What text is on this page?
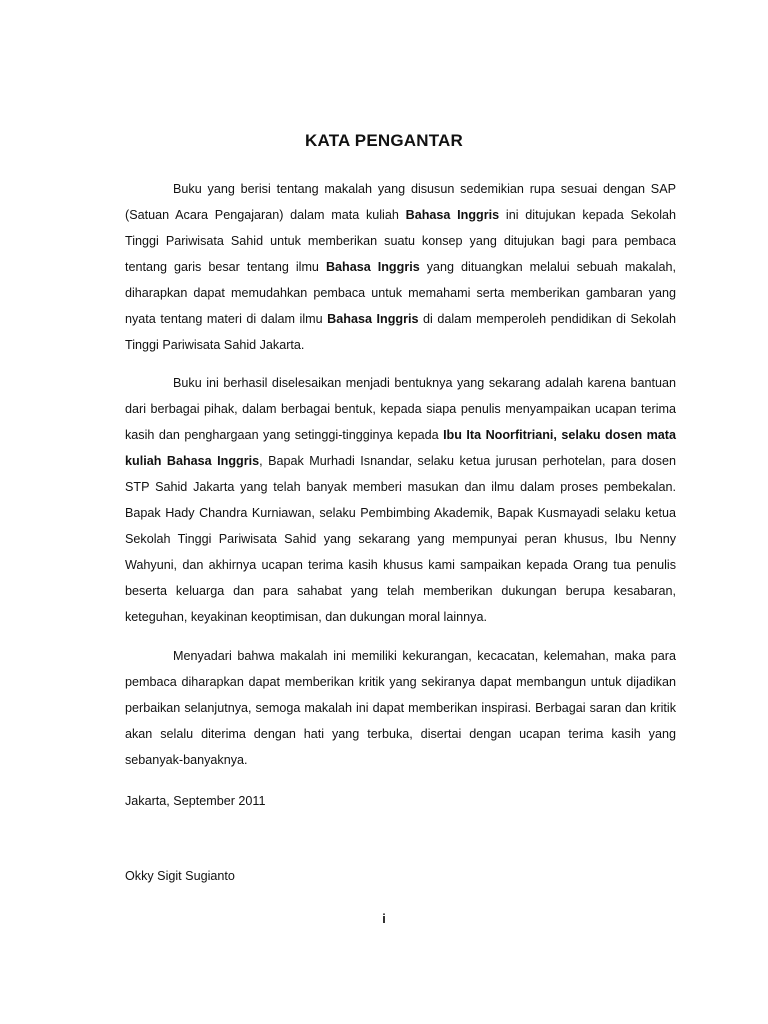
KATA PENGANTAR

Buku yang berisi tentang makalah yang disusun sedemikian rupa sesuai dengan SAP (Satuan Acara Pengajaran) dalam mata kuliah Bahasa Inggris ini ditujukan kepada Sekolah Tinggi Pariwisata Sahid untuk memberikan suatu konsep yang ditujukan bagi para pembaca tentang garis besar tentang ilmu Bahasa Inggris yang dituangkan melalui sebuah makalah, diharapkan dapat memudahkan pembaca untuk memahami serta memberikan gambaran yang nyata tentang materi di dalam ilmu Bahasa Inggris di dalam memperoleh pendidikan di Sekolah Tinggi Pariwisata Sahid Jakarta.

Buku ini berhasil diselesaikan menjadi bentuknya yang sekarang adalah karena bantuan dari berbagai pihak, dalam berbagai bentuk, kepada siapa penulis menyampaikan ucapan terima kasih dan penghargaan yang setinggi-tingginya kepada Ibu Ita Noorfitriani, selaku dosen mata kuliah Bahasa Inggris, Bapak Murhadi Isnandar, selaku ketua jurusan perhotelan, para dosen STP Sahid Jakarta yang telah banyak memberi masukan dan ilmu dalam proses pembekalan. Bapak Hady Chandra Kurniawan, selaku Pembimbing Akademik, Bapak Kusmayadi selaku ketua Sekolah Tinggi Pariwisata Sahid yang sekarang yang mempunyai peran khusus, Ibu Nenny Wahyuni, dan akhirnya ucapan terima kasih khusus kami sampaikan kepada Orang tua penulis beserta keluarga dan para sahabat yang telah memberikan dukungan berupa kesabaran, keteguhan, keyakinan keoptimisan, dan dukungan moral lainnya.

Menyadari bahwa makalah ini memiliki kekurangan, kecacatan, kelemahan, maka para pembaca diharapkan dapat memberikan kritik yang sekiranya dapat membangun untuk dijadikan perbaikan selanjutnya, semoga makalah ini dapat memberikan inspirasi. Berbagai saran dan kritik akan selalu diterima dengan hati yang terbuka, disertai dengan ucapan terima kasih yang sebanyak-banyaknya.

Jakarta, September 2011

Okky Sigit Sugianto

i
